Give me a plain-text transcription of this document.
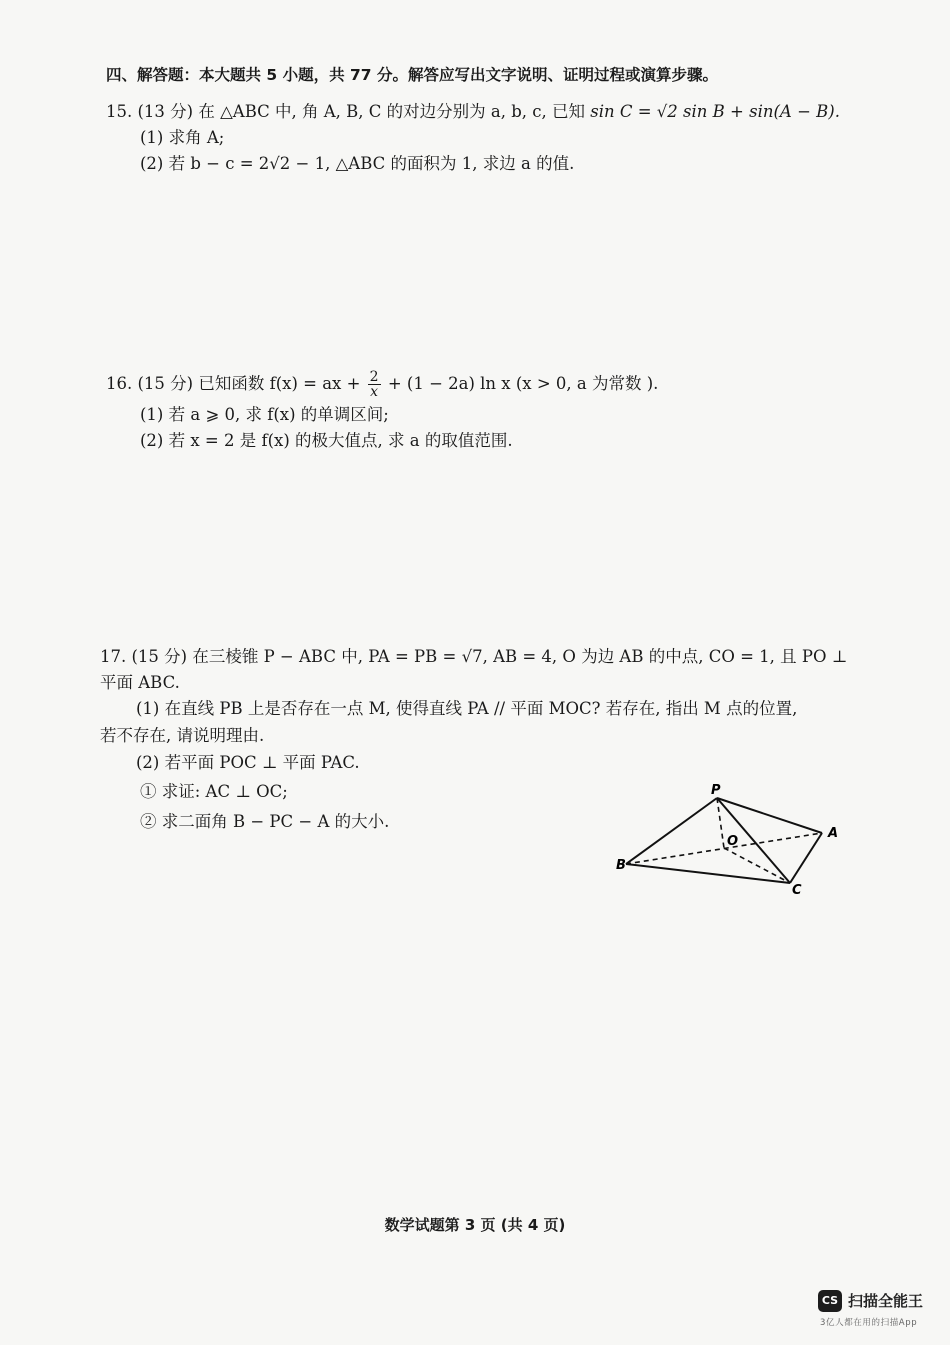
四、解答题：本大题共 5 小题，共 77 分。解答应写出文字说明、证明过程或演算步骤。
15. (13 分) 在 △ABC 中, 角 A, B, C 的对边分别为 a, b, c, 已知 sin C = √2 sin B + sin(A − B).
(1) 求角 A;
(2) 若 b − c = 2√2 − 1, △ABC 的面积为 1, 求边 a 的值.
16. (15 分) 已知函数 f(x) = ax + $\frac{2}{x} + (1 - 2a)$ ln x (x > 0, a 为常数 ).
(1) 若 a ⩾ 0, 求 f(x) 的单调区间;
(2) 若 x = 2 是 f(x) 的极大值点, 求 a 的取值范围.
17. (15 分) 在三棱锥 P − ABC 中, PA = PB = √7, AB = 4, O 为边 AB 的中点, CO = 1, 且 PO ⊥
平面 ABC.
(1) 在直线 PB 上是否存在一点 M, 使得直线 PA // 平面 MOC? 若存在, 指出 M 点的位置,
若不存在, 请说明理由.
(2) 若平面 POC ⊥ 平面 PAC.
① 求证: AC ⊥ OC;
② 求二面角 B − PC − A 的大小.
P
A
B
C
O
数学试题第 3 页 (共 4 页)
CS 扫描全能王
3亿人都在用的扫描App
